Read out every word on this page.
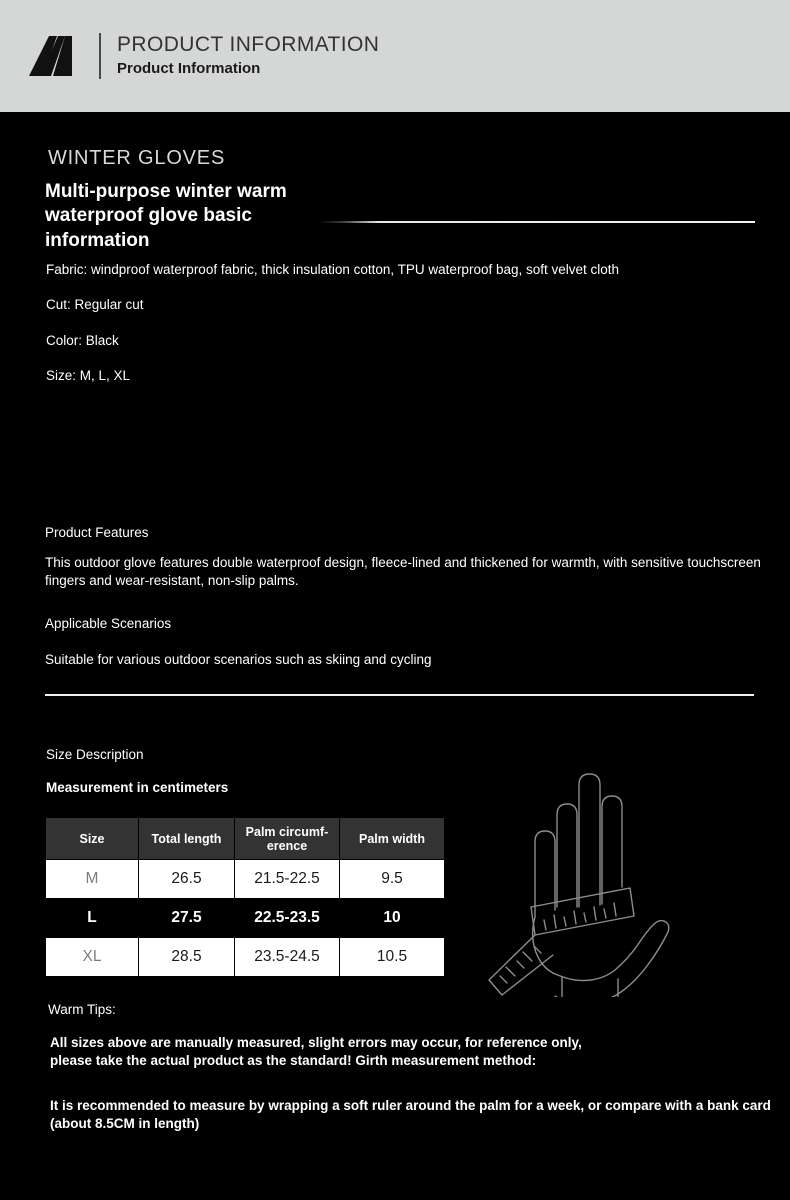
PRODUCT INFORMATION
Product Information
WINTER GLOVES
Multi-purpose winter warm waterproof glove basic information

Fabric: windproof waterproof fabric, thick insulation cotton, TPU waterproof bag, soft velvet cloth

Cut: Regular cut

Color: Black

Size: M, L, XL

Product Features

This outdoor glove features double waterproof design, fleece-lined and thickened for warmth, with sensitive touchscreen fingers and wear-resistant, non-slip palms.

Applicable Scenarios

Suitable for various outdoor scenarios such as skiing and cycling

Size Description

Measurement in centimeters

Size	Total length	Palm circumf-erence	Palm width
M	26.5	21.5-22.5	9.5
L	27.5	22.5-23.5	10
XL	28.5	23.5-24.5	10.5

Warm Tips:

All sizes above are manually measured, slight errors may occur, for reference only, please take the actual product as the standard! Girth measurement method:

It is recommended to measure by wrapping a soft ruler around the palm for a week, or compare with a bank card (about 8.5CM in length)
